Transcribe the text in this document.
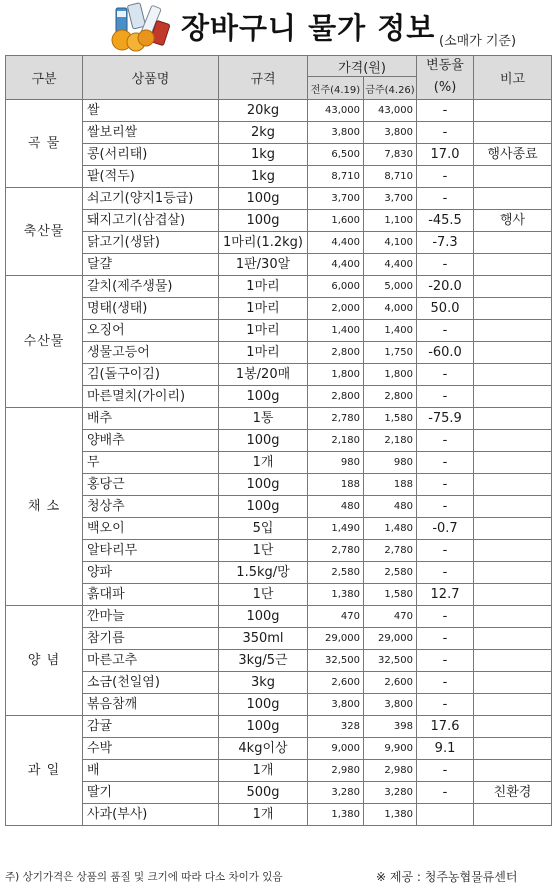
장바구니 물가 정보 (소매가 기준)
구분	상품명	규격	가격(원)		변동율	비고
			전주(4.19)	금주(4.26)	(%)	
곡 물	쌀	20kg	43,000	43,000	-	
	쌀보리쌀	2kg	3,800	3,800	-	
	콩(서리태)	1kg	6,500	7,830	17.0	행사종료
	팥(적두)	1kg	8,710	8,710	-	
축산물	쇠고기(양지1등급)	100g	3,700	3,700	-	
	돼지고기(삼겹살)	100g	1,600	1,100	-45.5	행사
	닭고기(생닭)	1마리(1.2kg)	4,400	4,100	-7.3	
	달걀	1판/30알	4,400	4,400	-	
수산물	갈치(제주생물)	1마리	6,000	5,000	-20.0	
	명태(생태)	1마리	2,000	4,000	50.0	
	오징어	1마리	1,400	1,400	-	
	생물고등어	1마리	2,800	1,750	-60.0	
	김(돌구이김)	1봉/20매	1,800	1,800	-	
	마른멸치(가이리)	100g	2,800	2,800	-	
채 소	배추	1통	2,780	1,580	-75.9	
	양배추	100g	2,180	2,180	-	
	무	1개	980	980	-	
	홍당근	100g	188	188	-	
	청상추	100g	480	480	-	
	백오이	5입	1,490	1,480	-0.7	
	알타리무	1단	2,780	2,780	-	
	양파	1.5kg/망	2,580	2,580	-	
	흙대파	1단	1,380	1,580	12.7	
양 념	깐마늘	100g	470	470	-	
	참기름	350ml	29,000	29,000	-	
	마른고추	3kg/5근	32,500	32,500	-	
	소금(천일염)	3kg	2,600	2,600	-	
	볶음참깨	100g	3,800	3,800	-	
과 일	감귤	100g	328	398	17.6	
	수박	4kg이상	9,000	9,900	9.1	
	배	1개	2,980	2,980	-	
	딸기	500g	3,280	3,280	-	친환경
	사과(부사)	1개	1,380	1,380		
주) 상기가격은 상품의 품질 및 크기에 따라 다소 차이가 있음	※ 제공 : 청주농협물류센터
